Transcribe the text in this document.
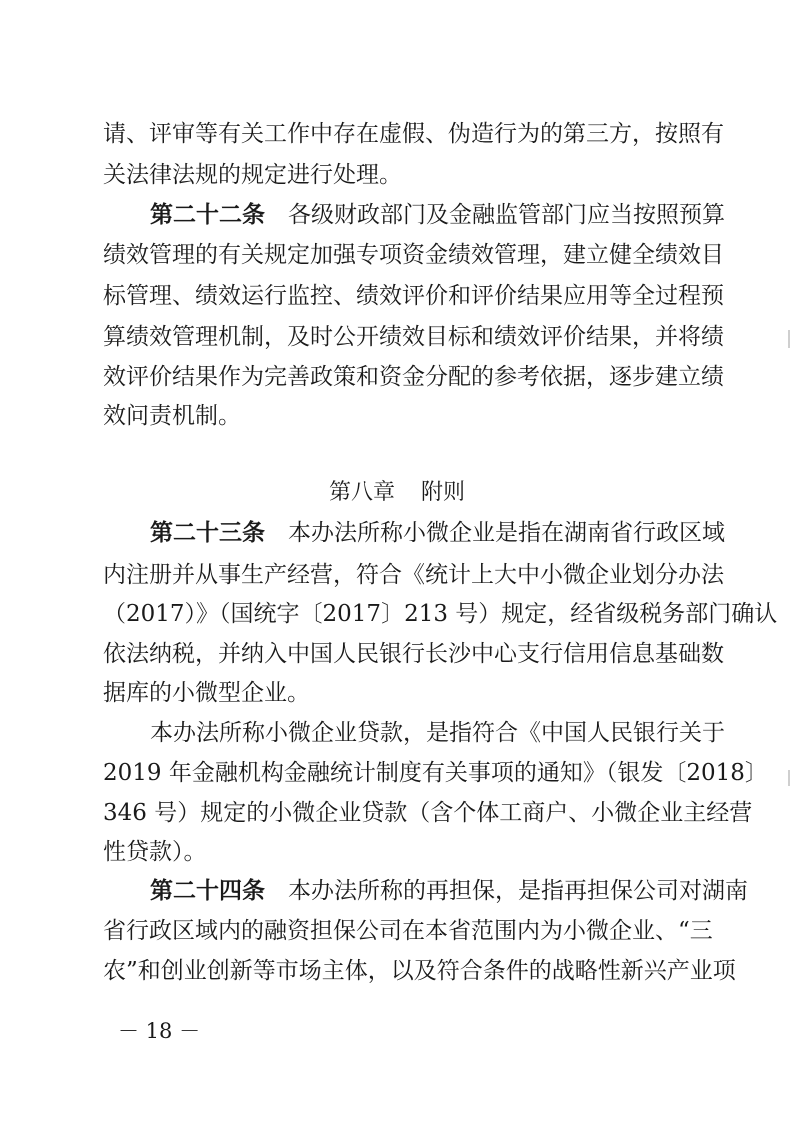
请、评审等有关工作中存在虚假、伪造行为的第三方，按照有
关法律法规的规定进行处理。
第二十二条　 各级财政部门及金融监管部门应当按照预算
绩效管理的有关规定加强专项资金绩效管理，建立健全绩效目
标管理、绩效运行监控、绩效评价和评价结果应用等全过程预
算绩效管理机制，及时公开绩效目标和绩效评价结果，并将绩
效评价结果作为完善政策和资金分配的参考依据，逐步建立绩
效问责机制。
第八章 附则
第二十三条　 本办法所称小微企业是指在湖南省行政区域
内注册并从事生产经营，符合《统计上大中小微企业划分办法
（2017）》（国统字〔2017〕213 号）规定，经省级税务部门确认
依法纳税，并纳入中国人民银行长沙中心支行信用信息基础数
据库的小微型企业。
本办法所称小微企业贷款，是指符合《中国人民银行关于
2019 年金融机构金融统计制度有关事项的通知》（银发〔2018〕
346 号）规定的小微企业贷款（含个体工商户、小微企业主经营
性贷款）。
第二十四条　 本办法所称的再担保，是指再担保公司对湖南
省行政区域内的融资担保公司在本省范围内为小微企业、“三
农”和创业创新等市场主体，以及符合条件的战略性新兴产业项
－ 18 －
